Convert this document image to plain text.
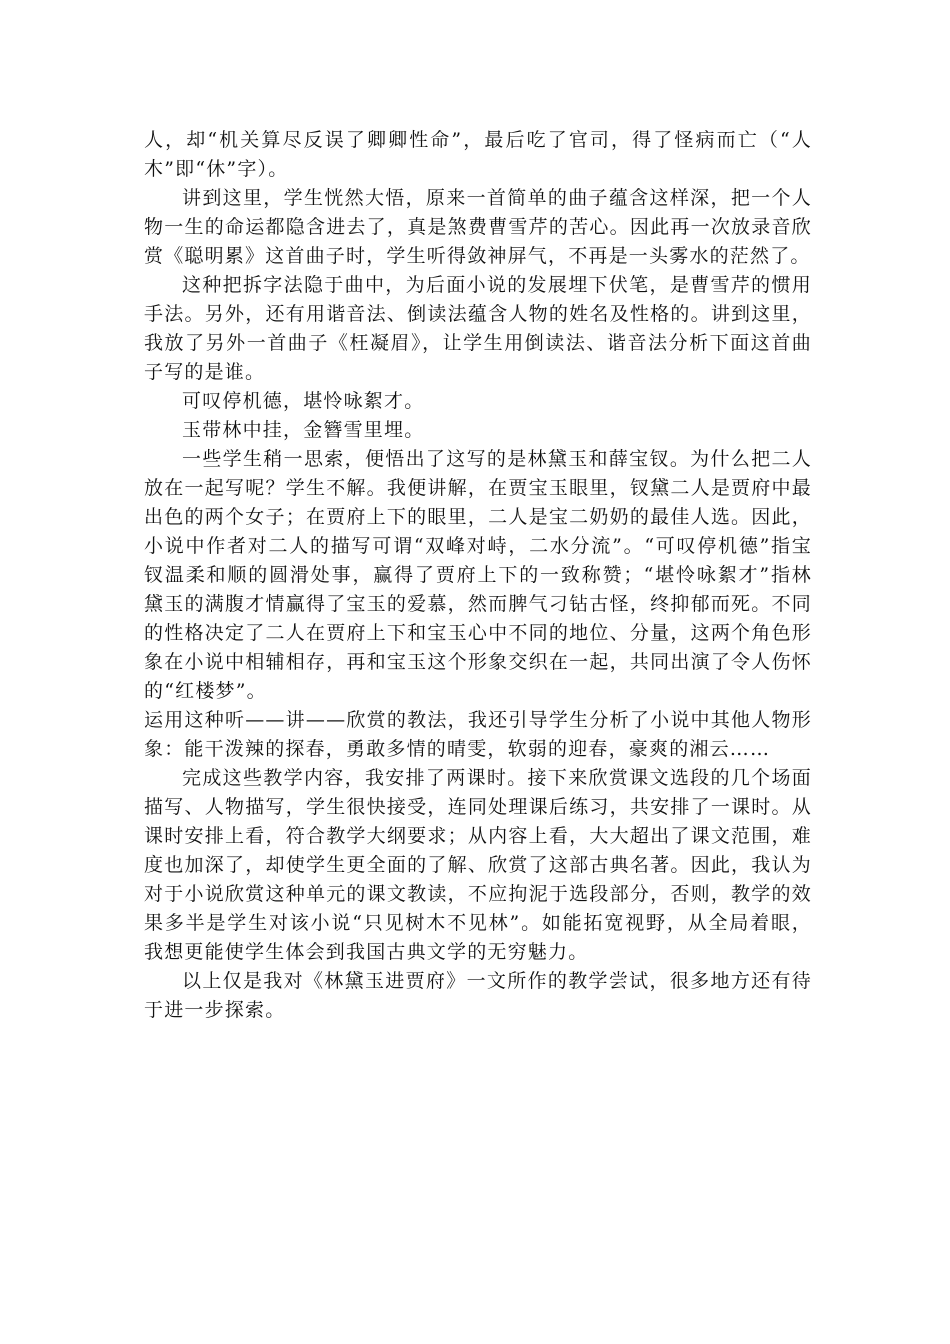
人，却“机关算尽反误了卿卿性命”，最后吃了官司，得了怪病而亡（“人木”即“休”字）。

讲到这里，学生恍然大悟，原来一首简单的曲子蕴含这样深，把一个人物一生的命运都隐含进去了，真是煞费曹雪芹的苦心。因此再一次放录音欣赏《聪明累》这首曲子时，学生听得敛神屏气，不再是一头雾水的茫然了。

这种把拆字法隐于曲中，为后面小说的发展埋下伏笔，是曹雪芹的惯用手法。另外，还有用谐音法、倒读法蕴含人物的姓名及性格的。讲到这里，我放了另外一首曲子《枉凝眉》，让学生用倒读法、谐音法分析下面这首曲子写的是谁。

可叹停机德，堪怜咏絮才。

玉带林中挂，金簪雪里埋。

一些学生稍一思索，便悟出了这写的是林黛玉和薛宝钗。为什么把二人放在一起写呢？学生不解。我便讲解，在贾宝玉眼里，钗黛二人是贾府中最出色的两个女子；在贾府上下的眼里，二人是宝二奶奶的最佳人选。因此，小说中作者对二人的描写可谓“双峰对峙，二水分流”。“可叹停机德”指宝钗温柔和顺的圆滑处事，赢得了贾府上下的一致称赞；“堪怜咏絮才”指林黛玉的满腹才情赢得了宝玉的爱慕，然而脾气刁钻古怪，终抑郁而死。不同的性格决定了二人在贾府上下和宝玉心中不同的地位、分量，这两个角色形象在小说中相辅相存，再和宝玉这个形象交织在一起，共同出演了令人伤怀的“红楼梦”。

运用这种听——讲——欣赏的教法，我还引导学生分析了小说中其他人物形象：能干泼辣的探春，勇敢多情的晴雯，软弱的迎春，豪爽的湘云……

完成这些教学内容，我安排了两课时。接下来欣赏课文选段的几个场面描写、人物描写，学生很快接受，连同处理课后练习，共安排了一课时。从课时安排上看，符合教学大纲要求；从内容上看，大大超出了课文范围，难度也加深了，却使学生更全面的了解、欣赏了这部古典名著。因此，我认为对于小说欣赏这种单元的课文教读，不应拘泥于选段部分，否则，教学的效果多半是学生对该小说“只见树木不见林”。如能拓宽视野，从全局着眼，我想更能使学生体会到我国古典文学的无穷魅力。

以上仅是我对《林黛玉进贾府》一文所作的教学尝试，很多地方还有待于进一步探索。
